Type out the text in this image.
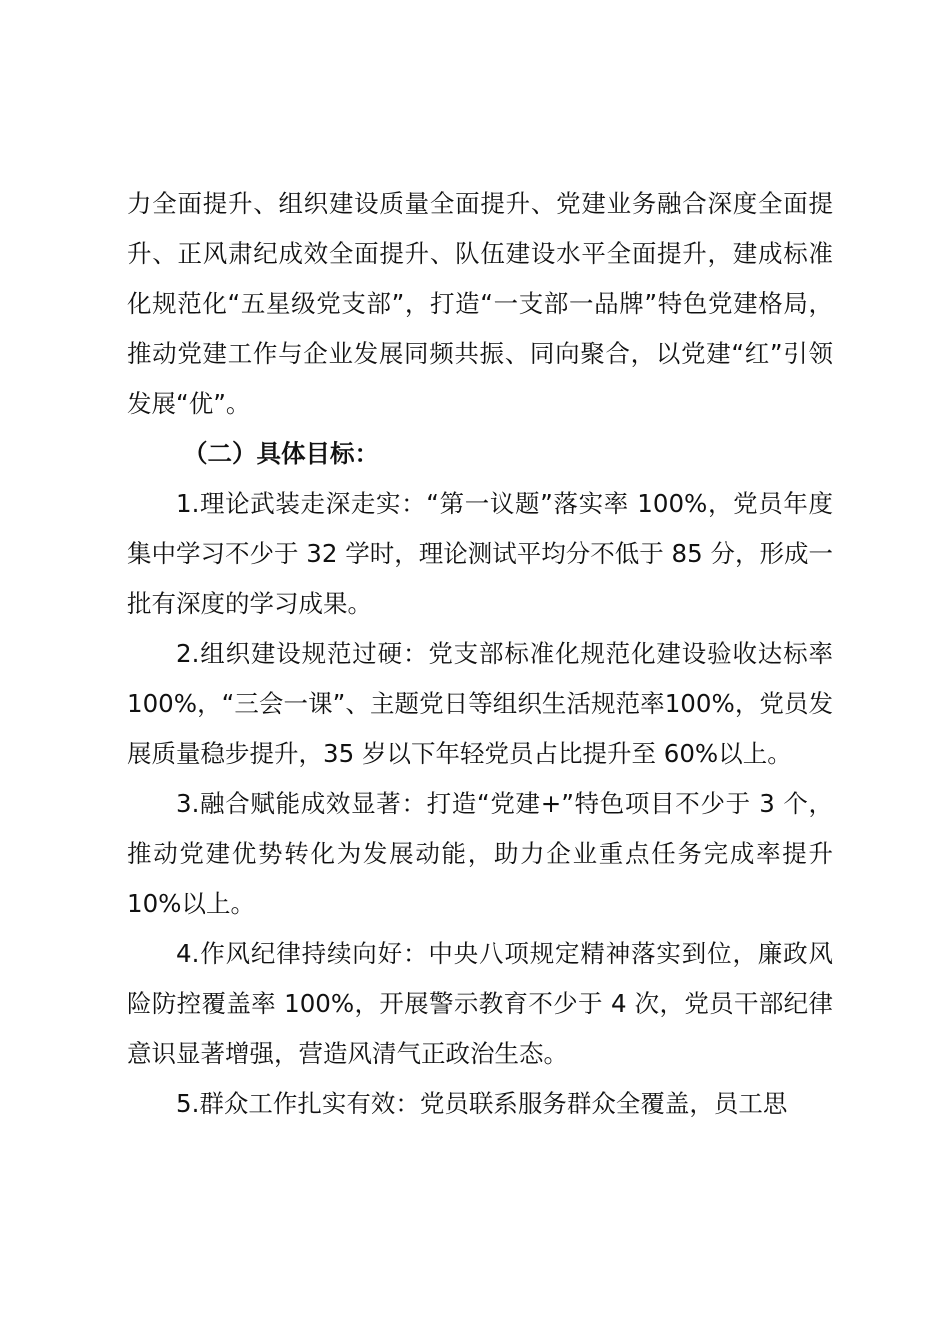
力全面提升、组织建设质量全面提升、党建业务融合深度全面提升、正风肃纪成效全面提升、队伍建设水平全面提升，建成标准化规范化“五星级党支部”，打造“一支部一品牌”特色党建格局，推动党建工作与企业发展同频共振、同向聚合，以党建“红”引领发展“优”。

（二）具体目标：

1.理论武装走深走实：“第一议题”落实率 100%，党员年度集中学习不少于 32 学时，理论测试平均分不低于 85 分，形成一批有深度的学习成果。

2.组织建设规范过硬：党支部标准化规范化建设验收达标率 100%，“三会一课”、主题党日等组织生活规范率100%，党员发展质量稳步提升，35 岁以下年轻党员占比提升至 60%以上。

3.融合赋能成效显著：打造“党建+”特色项目不少于 3 个，推动党建优势转化为发展动能，助力企业重点任务完成率提升 10%以上。

4.作风纪律持续向好：中央八项规定精神落实到位，廉政风险防控覆盖率 100%，开展警示教育不少于 4 次，党员干部纪律意识显著增强，营造风清气正政治生态。

5.群众工作扎实有效：党员联系服务群众全覆盖，员工思
